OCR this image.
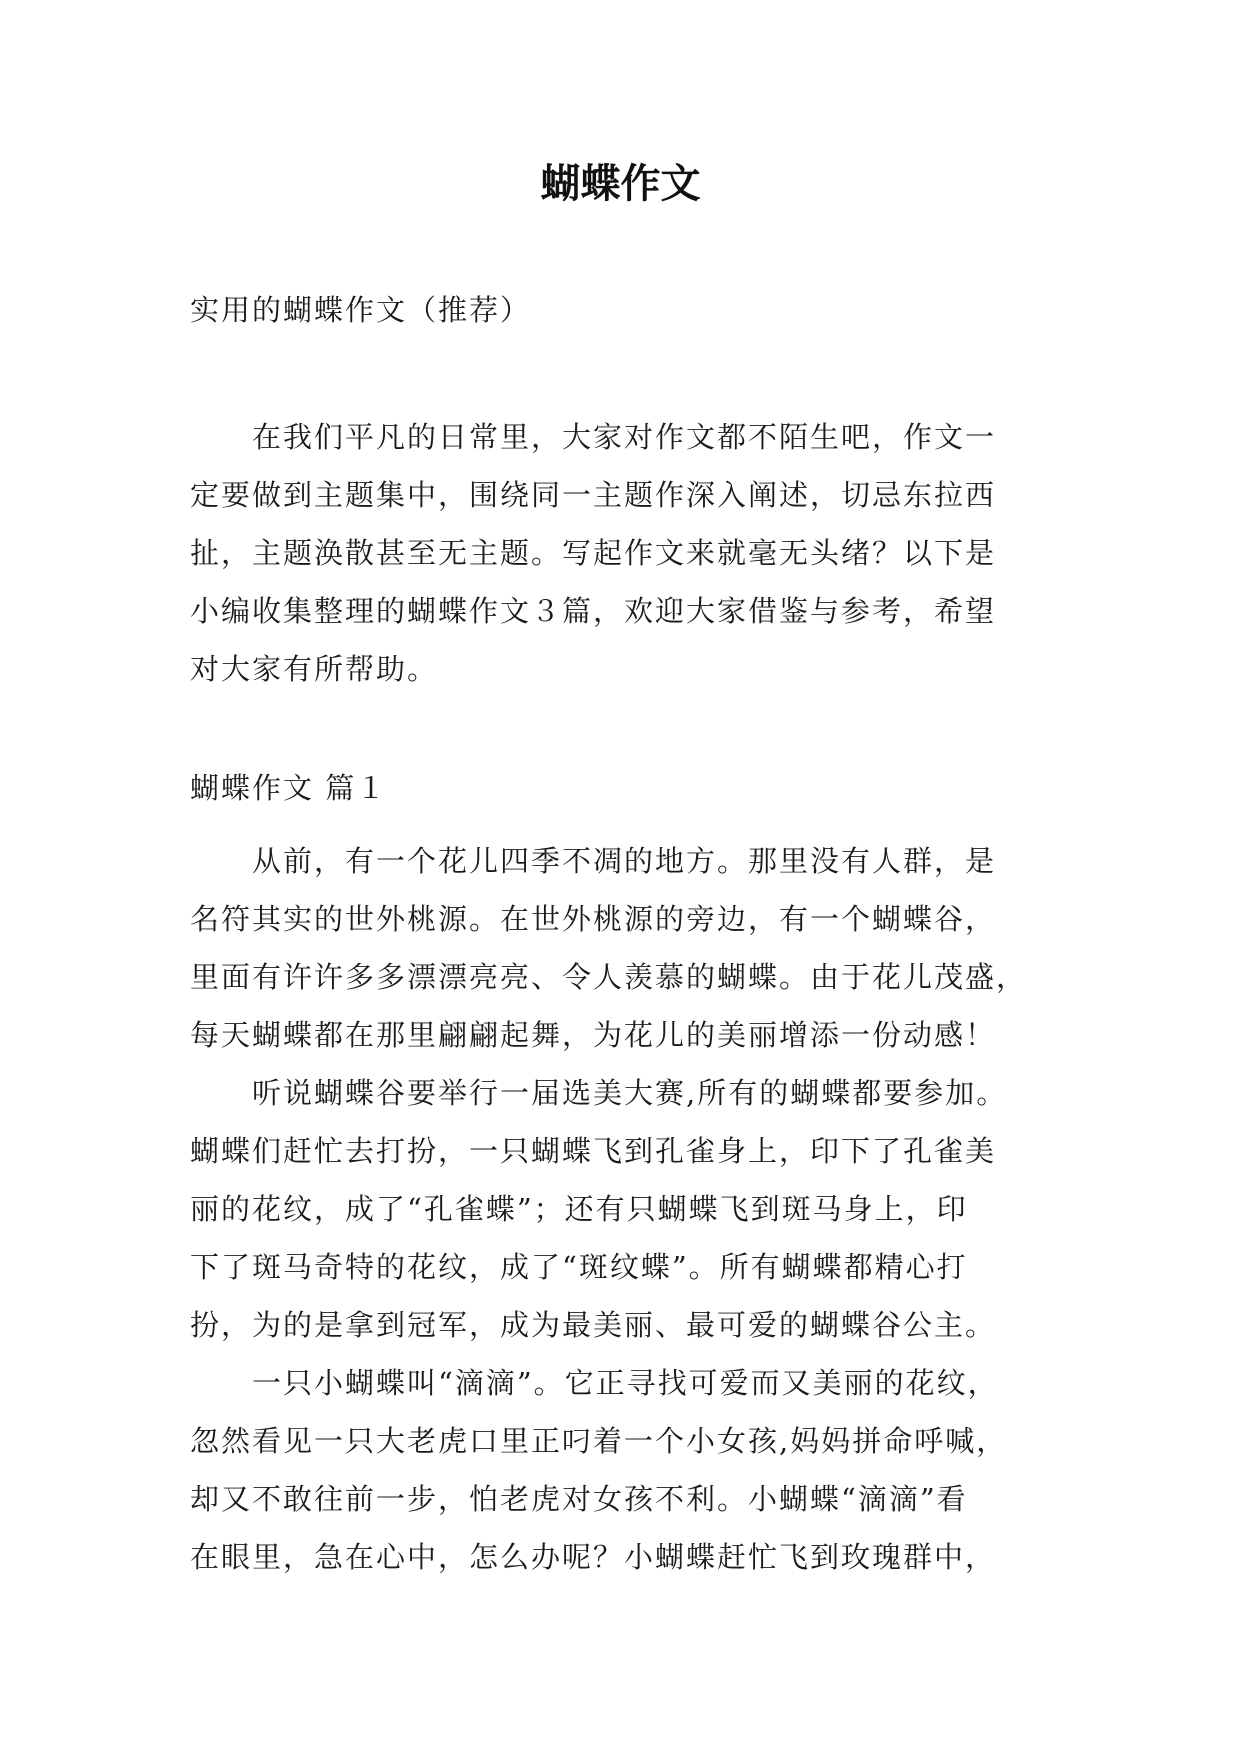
蝴蝶作文
实用的蝴蝶作文（推荐）
在我们平凡的日常里，大家对作文都不陌生吧，作文一
定要做到主题集中，围绕同一主题作深入阐述，切忌东拉西
扯，主题涣散甚至无主题。写起作文来就毫无头绪？以下是
小编收集整理的蝴蝶作文３篇，欢迎大家借鉴与参考，希望
对大家有所帮助。
蝴蝶作文 篇１
从前，有一个花儿四季不凋的地方。那里没有人群，是
名符其实的世外桃源。在世外桃源的旁边，有一个蝴蝶谷，
里面有许许多多漂漂亮亮、令人羡慕的蝴蝶。由于花儿茂盛，
每天蝴蝶都在那里翩翩起舞，为花儿的美丽增添一份动感！
听说蝴蝶谷要举行一届选美大赛,所有的蝴蝶都要参加。
蝴蝶们赶忙去打扮，一只蝴蝶飞到孔雀身上，印下了孔雀美
丽的花纹，成了“孔雀蝶”；还有只蝴蝶飞到斑马身上，印
下了斑马奇特的花纹，成了“斑纹蝶”。所有蝴蝶都精心打
扮，为的是拿到冠军，成为最美丽、最可爱的蝴蝶谷公主。
一只小蝴蝶叫“滴滴”。它正寻找可爱而又美丽的花纹，
忽然看见一只大老虎口里正叼着一个小女孩,妈妈拼命呼喊，
却又不敢往前一步，怕老虎对女孩不利。小蝴蝶“滴滴”看
在眼里，急在心中，怎么办呢？小蝴蝶赶忙飞到玫瑰群中，
